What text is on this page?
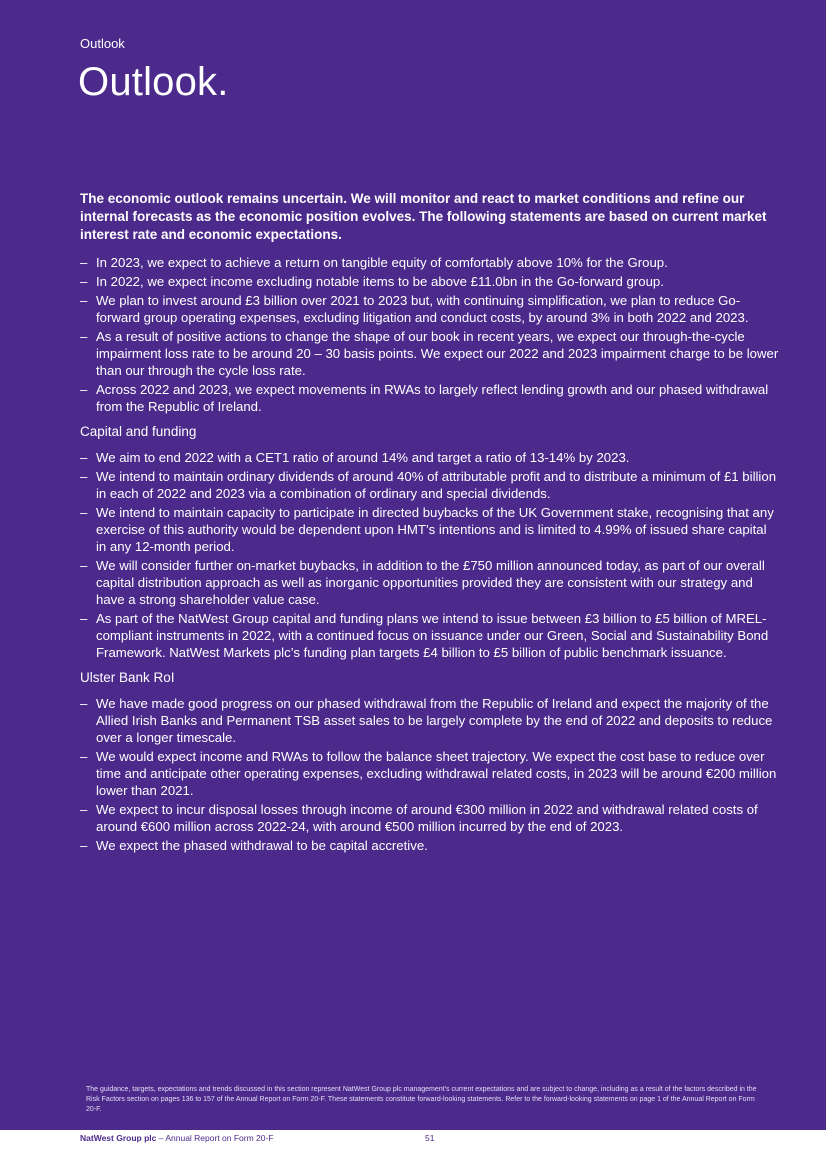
Outlook

Outlook.

The economic outlook remains uncertain. We will monitor and react to market conditions and refine our internal forecasts as the economic position evolves. The following statements are based on current market interest rate and economic expectations.

– In 2023, we expect to achieve a return on tangible equity of comfortably above 10% for the Group.
– In 2022, we expect income excluding notable items to be above £11.0bn in the Go-forward group.
– We plan to invest around £3 billion over 2021 to 2023 but, with continuing simplification, we plan to reduce Go-forward group operating expenses, excluding litigation and conduct costs, by around 3% in both 2022 and 2023.
– As a result of positive actions to change the shape of our book in recent years, we expect our through-the-cycle impairment loss rate to be around 20 – 30 basis points. We expect our 2022 and 2023 impairment charge to be lower than our through the cycle loss rate.
– Across 2022 and 2023, we expect movements in RWAs to largely reflect lending growth and our phased withdrawal from the Republic of Ireland.
Capital and funding
– We aim to end 2022 with a CET1 ratio of around 14% and target a ratio of 13-14% by 2023.
– We intend to maintain ordinary dividends of around 40% of attributable profit and to distribute a minimum of £1 billion in each of 2022 and 2023 via a combination of ordinary and special dividends.
– We intend to maintain capacity to participate in directed buybacks of the UK Government stake, recognising that any exercise of this authority would be dependent upon HMT’s intentions and is limited to 4.99% of issued share capital in any 12-month period.
– We will consider further on-market buybacks, in addition to the £750 million announced today, as part of our overall capital distribution approach as well as inorganic opportunities provided they are consistent with our strategy and have a strong shareholder value case.
– As part of the NatWest Group capital and funding plans we intend to issue between £3 billion to £5 billion of MREL-compliant instruments in 2022, with a continued focus on issuance under our Green, Social and Sustainability Bond Framework. NatWest Markets plc’s funding plan targets £4 billion to £5 billion of public benchmark issuance.
Ulster Bank RoI
– We have made good progress on our phased withdrawal from the Republic of Ireland and expect the majority of the Allied Irish Banks and Permanent TSB asset sales to be largely complete by the end of 2022 and deposits to reduce over a longer timescale.
– We would expect income and RWAs to follow the balance sheet trajectory. We expect the cost base to reduce over time and anticipate other operating expenses, excluding withdrawal related costs, in 2023 will be around €200 million lower than 2021.
– We expect to incur disposal losses through income of around €300 million in 2022 and withdrawal related costs of around €600 million across 2022-24, with around €500 million incurred by the end of 2023.
– We expect the phased withdrawal to be capital accretive.

The guidance, targets, expectations and trends discussed in this section represent NatWest Group plc management’s current expectations and are subject to change, including as a result of the factors described in the Risk Factors section on pages 136 to 157 of the Annual Report on Form 20-F. These statements constitute forward-looking statements. Refer to the forward-looking statements on page 1 of the Annual Report on Form 20-F.

NatWest Group plc – Annual Report on Form 20-F	51
